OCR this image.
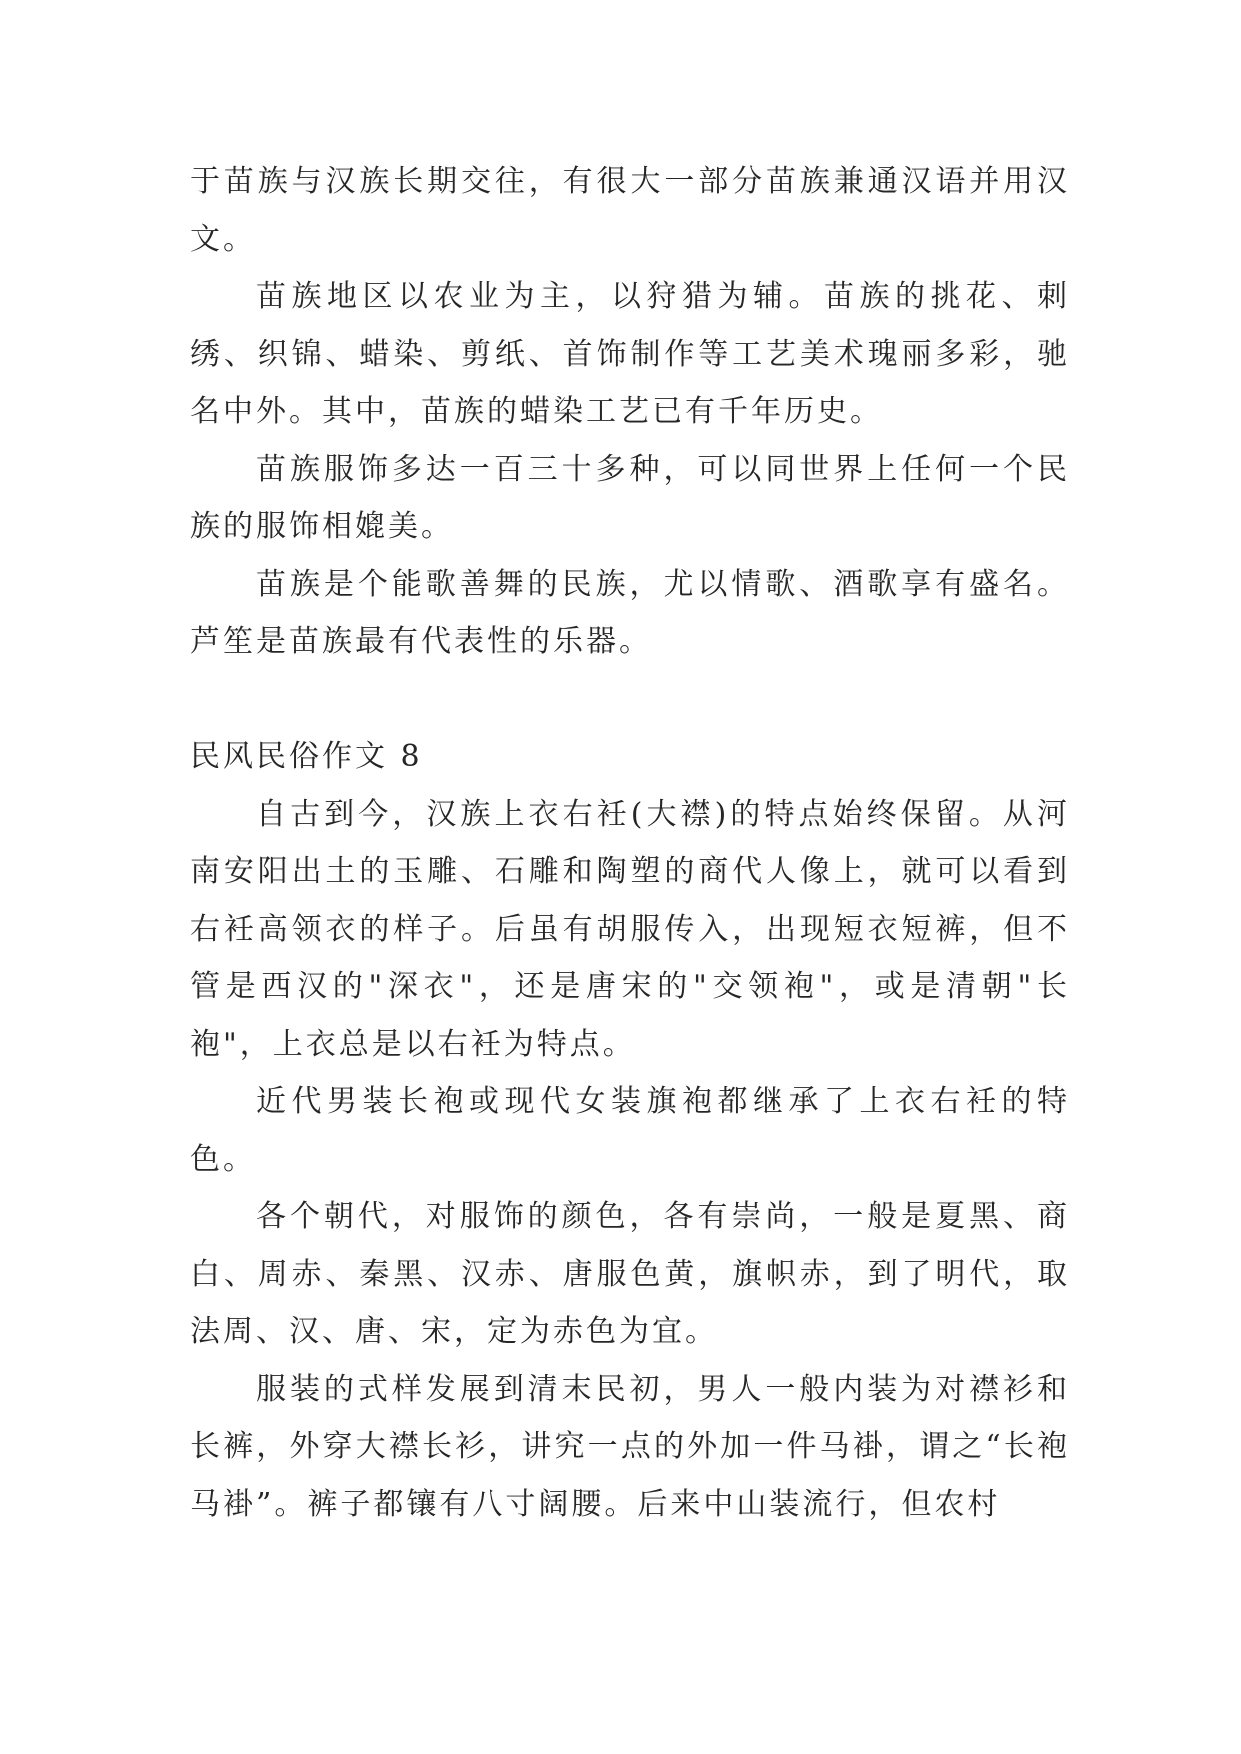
于苗族与汉族长期交往，有很大一部分苗族兼通汉语并用汉文。

苗族地区以农业为主，以狩猎为辅。苗族的挑花、刺绣、织锦、蜡染、剪纸、首饰制作等工艺美术瑰丽多彩，驰名中外。其中，苗族的蜡染工艺已有千年历史。

苗族服饰多达一百三十多种，可以同世界上任何一个民族的服饰相媲美。

苗族是个能歌善舞的民族，尤以情歌、酒歌享有盛名。芦笙是苗族最有代表性的乐器。

民风民俗作文 8

自古到今，汉族上衣右衽(大襟)的特点始终保留。从河南安阳出土的玉雕、石雕和陶塑的商代人像上，就可以看到右衽高领衣的样子。后虽有胡服传入，出现短衣短裤，但不管是西汉的"深衣"，还是唐宋的"交领袍"，或是清朝"长袍"，上衣总是以右衽为特点。

近代男装长袍或现代女装旗袍都继承了上衣右衽的特色。

各个朝代，对服饰的颜色，各有崇尚，一般是夏黑、商白、周赤、秦黑、汉赤、唐服色黄，旗帜赤，到了明代，取法周、汉、唐、宋，定为赤色为宜。

服装的式样发展到清末民初，男人一般内装为对襟衫和长裤，外穿大襟长衫，讲究一点的外加一件马褂，谓之“长袍马褂”。裤子都镶有八寸阔腰。后来中山装流行，但农村
